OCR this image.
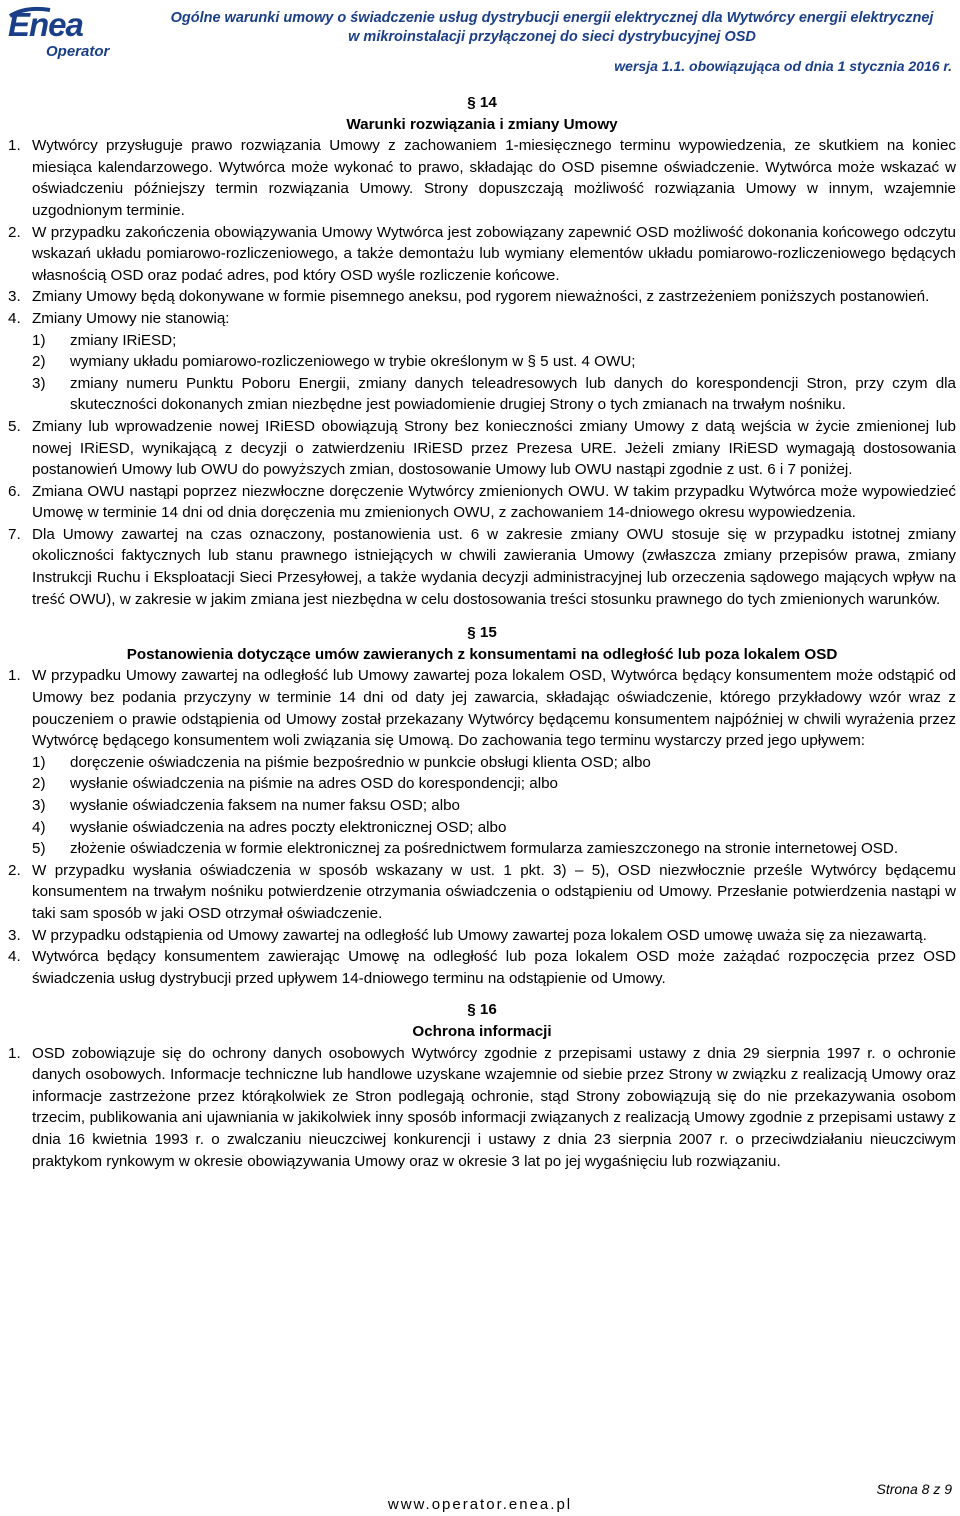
Enea
Operator
Ogólne warunki umowy o świadczenie usług dystrybucji energii elektrycznej dla Wytwórcy energii elektrycznej
w mikroinstalacji przyłączonej do sieci dystrybucyjnej OSD
wersja 1.1. obowiązująca od dnia 1 stycznia 2016 r.
§ 14
Warunki rozwiązania i zmiany Umowy
1. Wytwórcy przysługuje prawo rozwiązania Umowy z zachowaniem 1-miesięcznego terminu wypowiedzenia, ze skutkiem na koniec miesiąca kalendarzowego. Wytwórca może wykonać to prawo, składając do OSD pisemne oświadczenie. Wytwórca może wskazać w oświadczeniu późniejszy termin rozwiązania Umowy. Strony dopuszczają możliwość rozwiązania Umowy w innym, wzajemnie uzgodnionym terminie.
2. W przypadku zakończenia obowiązywania Umowy Wytwórca jest zobowiązany zapewnić OSD możliwość dokonania końcowego odczytu wskazań układu pomiarowo-rozliczeniowego, a także demontażu lub wymiany elementów układu pomiarowo-rozliczeniowego będących własnością OSD oraz podać adres, pod który OSD wyśle rozliczenie końcowe.
3. Zmiany Umowy będą dokonywane w formie pisemnego aneksu, pod rygorem nieważności, z zastrzeżeniem poniższych postanowień.
4. Zmiany Umowy nie stanowią:
1) zmiany IRiESD;
2) wymiany układu pomiarowo-rozliczeniowego w trybie określonym w § 5 ust. 4 OWU;
3) zmiany numeru Punktu Poboru Energii, zmiany danych teleadresowych lub danych do korespondencji Stron, przy czym dla skuteczności dokonanych zmian niezbędne jest powiadomienie drugiej Strony o tych zmianach na trwałym nośniku.
5. Zmiany lub wprowadzenie nowej IRiESD obowiązują Strony bez konieczności zmiany Umowy z datą wejścia w życie zmienionej lub nowej IRiESD, wynikającą z decyzji o zatwierdzeniu IRiESD przez Prezesa URE. Jeżeli zmiany IRiESD wymagają dostosowania postanowień Umowy lub OWU do powyższych zmian, dostosowanie Umowy lub OWU nastąpi zgodnie z ust. 6 i 7 poniżej.
6. Zmiana OWU nastąpi poprzez niezwłoczne doręczenie Wytwórcy zmienionych OWU. W takim przypadku Wytwórca może wypowiedzieć Umowę w terminie 14 dni od dnia doręczenia mu zmienionych OWU, z zachowaniem 14-dniowego okresu wypowiedzenia.
7. Dla Umowy zawartej na czas oznaczony, postanowienia ust. 6 w zakresie zmiany OWU stosuje się w przypadku istotnej zmiany okoliczności faktycznych lub stanu prawnego istniejących w chwili zawierania Umowy (zwłaszcza zmiany przepisów prawa, zmiany Instrukcji Ruchu i Eksploatacji Sieci Przesyłowej, a także wydania decyzji administracyjnej lub orzeczenia sądowego mających wpływ na treść OWU), w zakresie w jakim zmiana jest niezbędna w celu dostosowania treści stosunku prawnego do tych zmienionych warunków.
§ 15
Postanowienia dotyczące umów zawieranych z konsumentami na odległość lub poza lokalem OSD
1. W przypadku Umowy zawartej na odległość lub Umowy zawartej poza lokalem OSD, Wytwórca będący konsumentem może odstąpić od Umowy bez podania przyczyny w terminie 14 dni od daty jej zawarcia, składając oświadczenie, którego przykładowy wzór wraz z pouczeniem o prawie odstąpienia od Umowy został przekazany Wytwórcy będącemu konsumentem najpóźniej w chwili wyrażenia przez Wytwórcę będącego konsumentem woli związania się Umową. Do zachowania tego terminu wystarczy przed jego upływem:
1) doręczenie oświadczenia na piśmie bezpośrednio w punkcie obsługi klienta OSD; albo
2) wysłanie oświadczenia na piśmie na adres OSD do korespondencji; albo
3) wysłanie oświadczenia faksem na numer faksu OSD; albo
4) wysłanie oświadczenia na adres poczty elektronicznej OSD; albo
5) złożenie oświadczenia w formie elektronicznej za pośrednictwem formularza zamieszczonego na stronie internetowej OSD.
2. W przypadku wysłania oświadczenia w sposób wskazany w ust. 1 pkt. 3) – 5), OSD niezwłocznie prześle Wytwórcy będącemu konsumentem na trwałym nośniku potwierdzenie otrzymania oświadczenia o odstąpieniu od Umowy. Przesłanie potwierdzenia nastąpi w taki sam sposób w jaki OSD otrzymał oświadczenie.
3. W przypadku odstąpienia od Umowy zawartej na odległość lub Umowy zawartej poza lokalem OSD umowę uważa się za niezawartą.
4. Wytwórca będący konsumentem zawierając Umowę na odległość lub poza lokalem OSD może zażądać rozpoczęcia przez OSD świadczenia usług dystrybucji przed upływem 14-dniowego terminu na odstąpienie od Umowy.
§ 16
Ochrona informacji
1. OSD zobowiązuje się do ochrony danych osobowych Wytwórcy zgodnie z przepisami ustawy z dnia 29 sierpnia 1997 r. o ochronie danych osobowych. Informacje techniczne lub handlowe uzyskane wzajemnie od siebie przez Strony w związku z realizacją Umowy oraz informacje zastrzeżone przez którąkolwiek ze Stron podlegają ochronie, stąd Strony zobowiązują się do nie przekazywania osobom trzecim, publikowania ani ujawniania w jakikolwiek inny sposób informacji związanych z realizacją Umowy zgodnie z przepisami ustawy z dnia 16 kwietnia 1993 r. o zwalczaniu nieuczciwej konkurencji i ustawy z dnia 23 sierpnia 2007 r. o przeciwdziałaniu nieuczciwym praktykom rynkowym w okresie obowiązywania Umowy oraz w okresie 3 lat po jej wygaśnięciu lub rozwiązaniu.
Strona 8 z 9
www.operator.enea.pl
